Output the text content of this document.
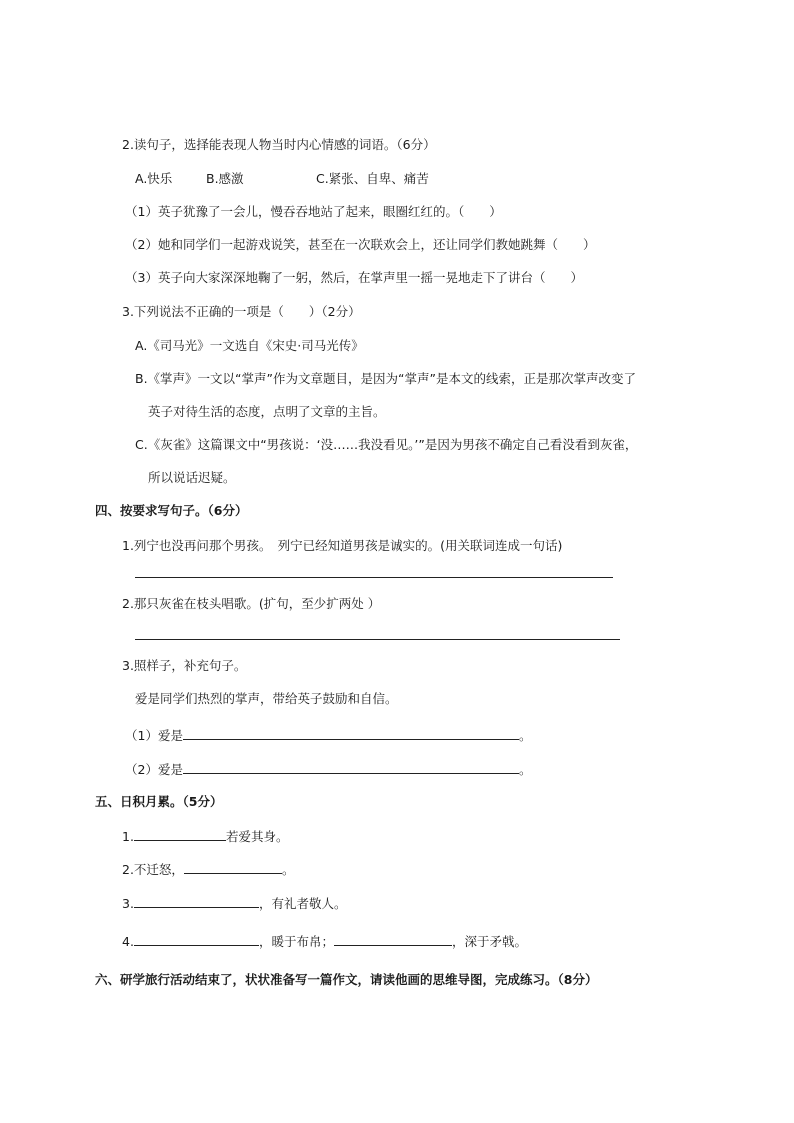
2.读句子，选择能表现人物当时内心情感的词语。（6分）
A.快乐	B.感激	C.紧张、自卑、痛苦
（1）英子犹豫了一会儿，慢吞吞地站了起来，眼圈红红的。（　　）
（2）她和同学们一起游戏说笑，甚至在一次联欢会上，还让同学们教她跳舞（　　）
（3）英子向大家深深地鞠了一躬，然后，在掌声里一摇一晃地走下了讲台（　　）
3.下列说法不正确的一项是（　　）（2分）
A.《司马光》一文选自《宋史·司马光传》
B.《掌声》一文以“掌声”作为文章题目，是因为“掌声”是本文的线索，正是那次掌声改变了
英子对待生活的态度，点明了文章的主旨。
C.《灰雀》这篇课文中“男孩说：‘没……我没看见。’”是因为男孩不确定自己看没看到灰雀，
所以说话迟疑。
四、按要求写句子。（6分）
1.列宁也没再问那个男孩。　列宁已经知道男孩是诚实的。(用关联词连成一句话)
2.那只灰雀在枝头唱歌。(扩句，至少扩两处 ）
3.照样子，补充句子。
爱是同学们热烈的掌声，带给英子鼓励和自信。
（1）爱是	。
（2）爱是	。
五、日积月累。（5分）
1.	若爱其身。
2.不迁怒，	。
3.	，有礼者敬人。
4.	，暖于布帛；	，深于矛戟。
六、研学旅行活动结束了，状状准备写一篇作文，请读他画的思维导图，完成练习。（8分）
